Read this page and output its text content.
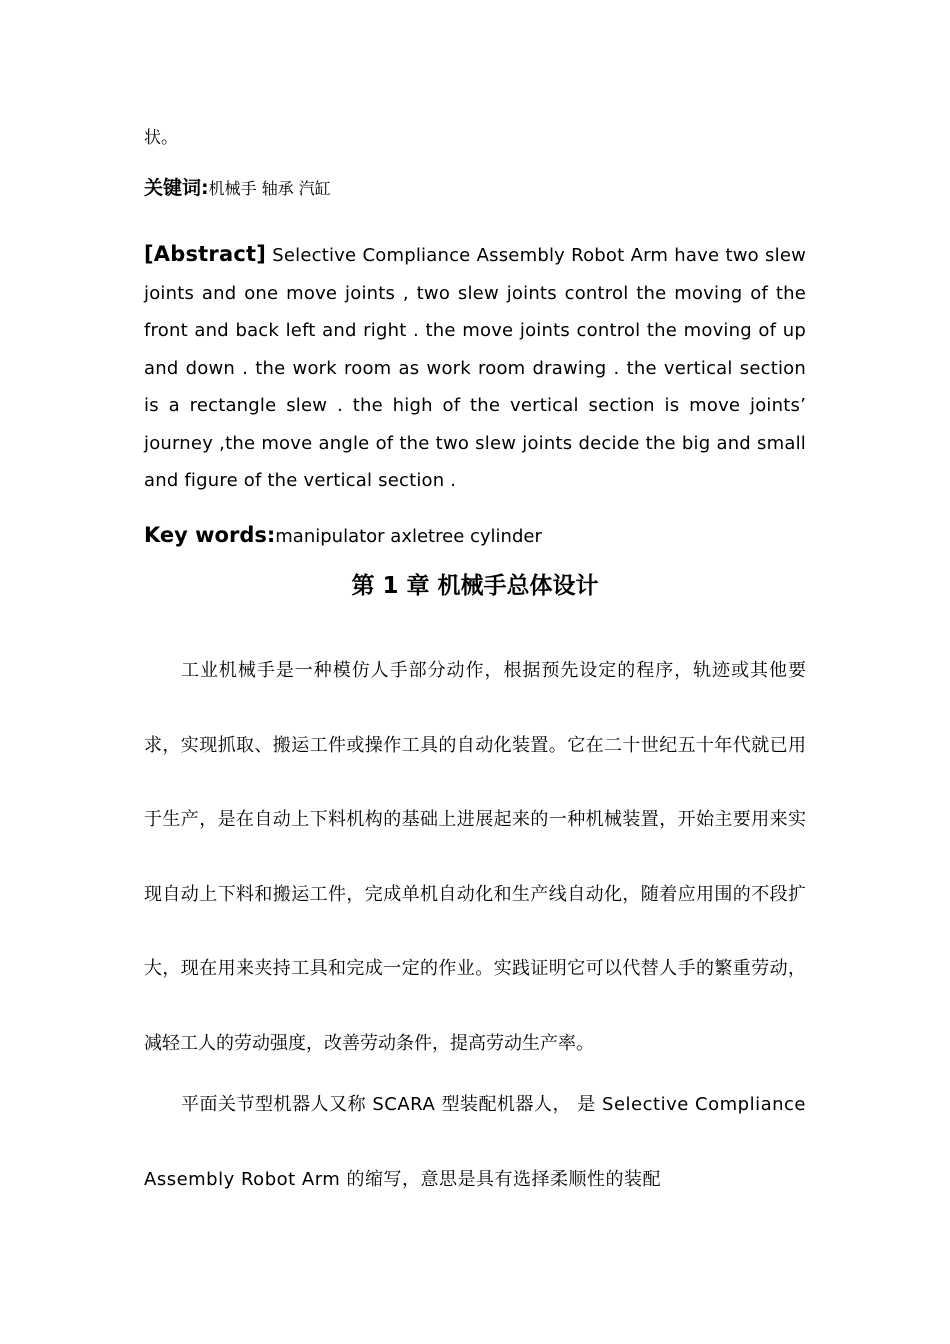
状。
关键词:机械手 轴承 汽缸
[Abstract] Selective Compliance Assembly Robot Arm have two slew joints and one move joints , two slew joints control the moving of the front and back left and right . the move joints control the moving of up and down . the work room as work room drawing . the vertical section is a rectangle slew . the high of the vertical section is move joints’ journey ,the move angle of the two slew joints decide the big and small and figure of the vertical section .
Key words:manipulator axletree cylinder
第 1 章 机械手总体设计
工业机械手是一种模仿人手部分动作，根据预先设定的程序，轨迹或其他要求，实现抓取、搬运工件或操作工具的自动化装置。它在二十世纪五十年代就已用于生产，是在自动上下料机构的基础上进展起来的一种机械装置，开始主要用来实现自动上下料和搬运工件，完成单机自动化和生产线自动化，随着应用围的不段扩大，现在用来夹持工具和完成一定的作业。实践证明它可以代替人手的繁重劳动，减轻工人的劳动强度，改善劳动条件，提高劳动生产率。
平面关节型机器人又称 SCARA 型装配机器人， 是 Selective Compliance Assembly Robot Arm 的缩写，意思是具有选择柔顺性的装配
